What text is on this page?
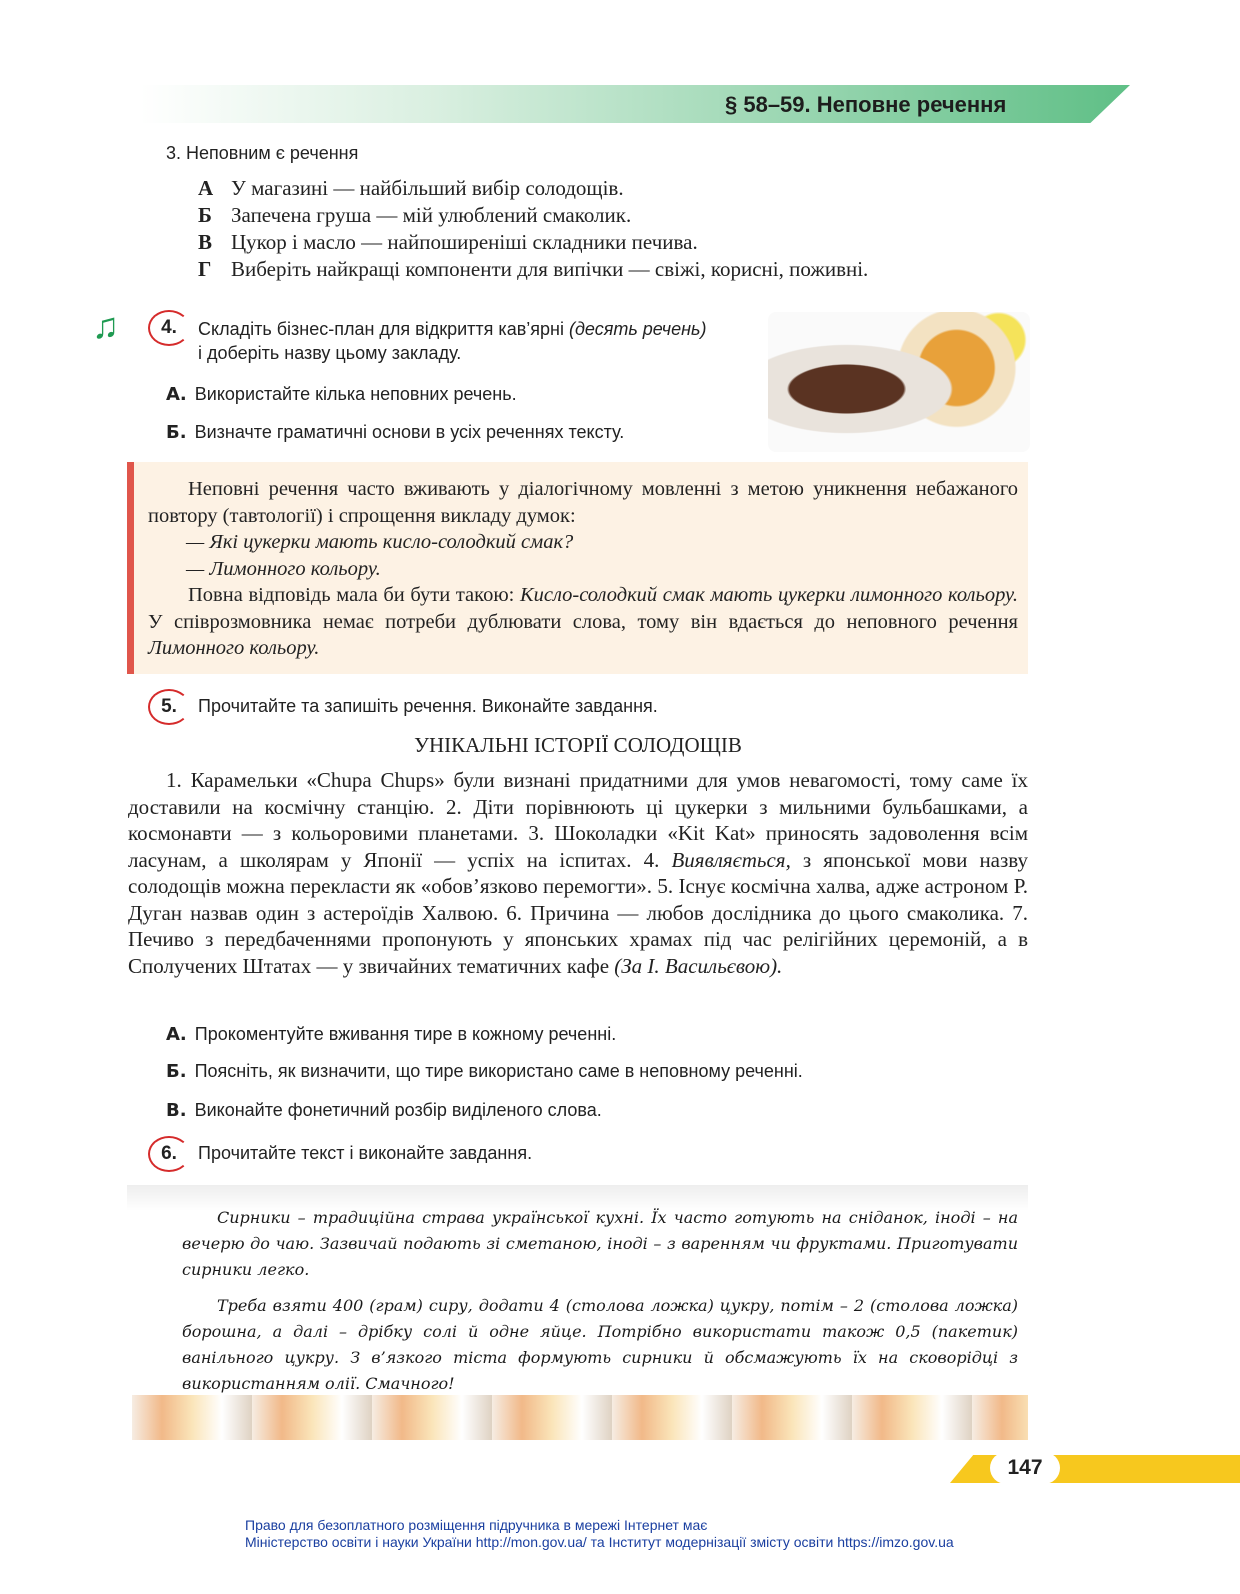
§ 58–59. Неповне речення
3. Неповним є речення
А У магазині — найбільший вибір солодощів.
Б Запечена груша — мій улюблений смаколик.
В Цукор і масло — найпоширеніші складники печива.
Г Виберіть найкращі компоненти для випічки — свіжі, корисні, поживні.
♫	4.	Складіть бізнес-план для відкриття кав’ярні (десять речень)
і доберіть назву цьому закладу.
А. Використайте кілька неповних речень.
Б. Визначте граматичні основи в усіх реченнях тексту.
Неповні речення часто вживають у діалогічному мовленні з метою уникнення небажаного повтору (тавтології) і спрощення викладу думок:
— Які цукерки мають кисло-солодкий смак?
— Лимонного кольору.
Повна відповідь мала би бути такою: Кисло-солодкий смак мають цукерки лимонного кольору. У співрозмовника немає потреби дублювати слова, тому він вдається до неповного речення Лимонного кольору.
5.	Прочитайте та запишіть речення. Виконайте завдання.
УНІКАЛЬНІ ІСТОРІЇ СОЛОДОЩІВ
1. Карамельки «Chupa Chups» були визнані придатними для умов невагомості, тому саме їх доставили на космічну станцію. 2. Діти порівнюють ці цукерки з мильними бульбашками, а космонавти — з кольоровими планетами. 3. Шоколадки «Kit Kat» приносять задоволення всім ласунам, а школярам у Японії — успіх на іспитах. 4. Виявляється, з японської мови назву солодощів можна перекласти як «обов’язково перемогти». 5. Існує космічна халва, адже астроном Р. Дуган назвав один з астероїдів Халвою. 6. Причина — любов дослідника до цього смаколика. 7. Печиво з передбаченнями пропонують у японських храмах під час релігійних церемоній, а в Сполучених Штатах — у звичайних тематичних кафе (За І. Васильєвою).
А. Прокоментуйте вживання тире в кожному реченні.
Б. Поясніть, як визначити, що тире використано саме в неповному реченні.
В. Виконайте фонетичний розбір виділеного слова.
6.	Прочитайте текст і виконайте завдання.

Сирники – традиційна страва української кухні. Їх часто готують на сніданок, іноді – на вечерю до чаю. Зазвичай подають зі сметаною, іноді – з варенням чи фруктами. Приготувати сирники легко.

Треба взяти 400 (грам) сиру, додати 4 (столова ложка) цукру, потім – 2 (столова ложка) борошна, а далі – дрібку солі й одне яйце. Потрібно використати також 0,5 (пакетик) ванільного цукру. З в’язкого тіста формують сирники й обсмажують їх на сковорідці з використанням олії. Смачного!

147
Право для безоплатного розміщення підручника в мережі Інтернет має
Міністерство освіти і науки України http://mon.gov.ua/ та Інститут модернізації змісту освіти https://imzo.gov.ua
